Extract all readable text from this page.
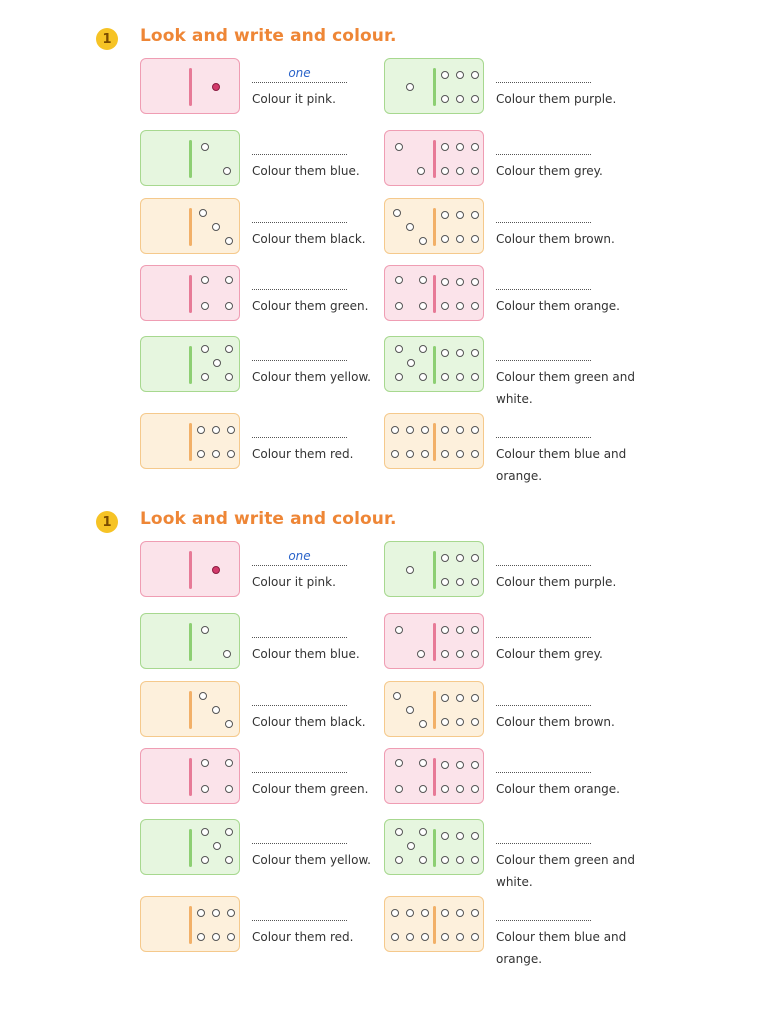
1	Look and write and colour.
one
Colour it pink.
Colour them blue.
Colour them black.
Colour them green.
Colour them yellow.
Colour them red.
Colour them purple.
Colour them grey.
Colour them brown.
Colour them orange.
Colour them green and white.
Colour them blue and orange.
1	Look and write and colour.
one
Colour it pink.
Colour them blue.
Colour them black.
Colour them green.
Colour them yellow.
Colour them red.
Colour them purple.
Colour them grey.
Colour them brown.
Colour them orange.
Colour them green and white.
Colour them blue and orange.
